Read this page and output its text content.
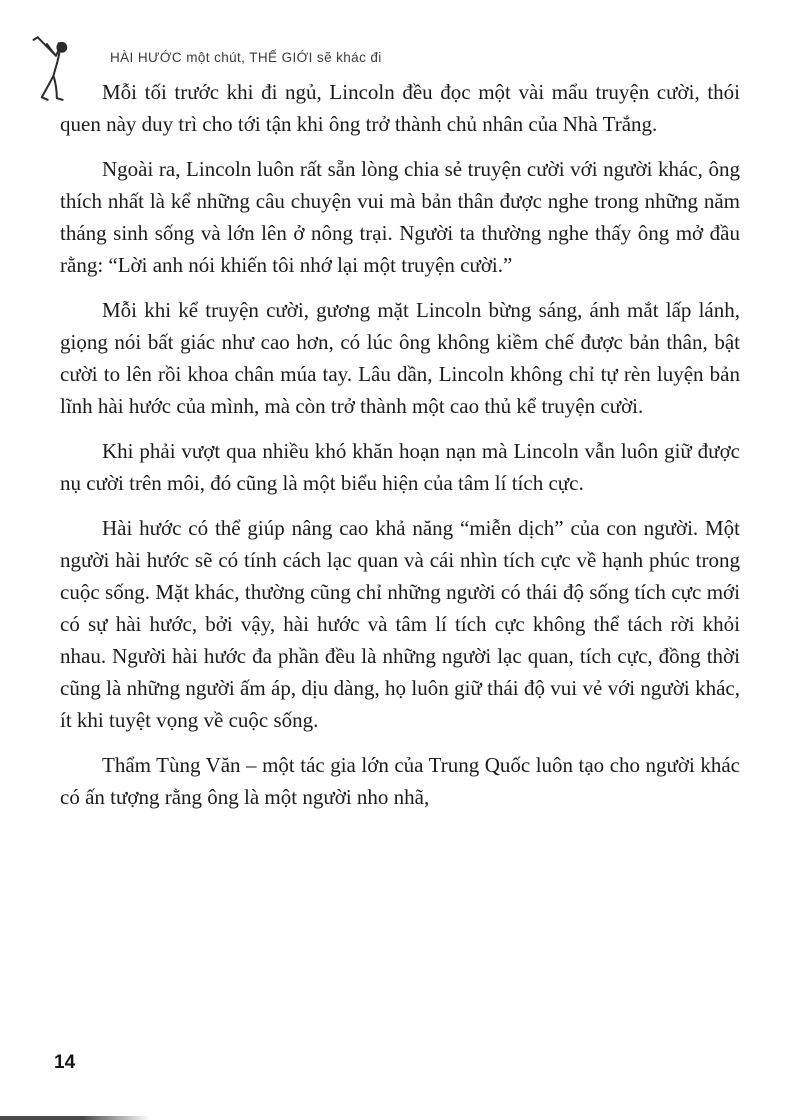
HÀI HƯỚC một chút, THẾ GIỚI sẽ khác đi

Mỗi tối trước khi đi ngủ, Lincoln đều đọc một vài mẩu truyện cười, thói quen này duy trì cho tới tận khi ông trở thành chủ nhân của Nhà Trắng.

Ngoài ra, Lincoln luôn rất sẵn lòng chia sẻ truyện cười với người khác, ông thích nhất là kể những câu chuyện vui mà bản thân được nghe trong những năm tháng sinh sống và lớn lên ở nông trại. Người ta thường nghe thấy ông mở đầu rằng: “Lời anh nói khiến tôi nhớ lại một truyện cười.”

Mỗi khi kể truyện cười, gương mặt Lincoln bừng sáng, ánh mắt lấp lánh, giọng nói bất giác như cao hơn, có lúc ông không kiềm chế được bản thân, bật cười to lên rồi khoa chân múa tay. Lâu dần, Lincoln không chỉ tự rèn luyện bản lĩnh hài hước của mình, mà còn trở thành một cao thủ kể truyện cười.

Khi phải vượt qua nhiều khó khăn hoạn nạn mà Lincoln vẫn luôn giữ được nụ cười trên môi, đó cũng là một biểu hiện của tâm lí tích cực.

Hài hước có thể giúp nâng cao khả năng “miễn dịch” của con người. Một người hài hước sẽ có tính cách lạc quan và cái nhìn tích cực về hạnh phúc trong cuộc sống. Mặt khác, thường cũng chỉ những người có thái độ sống tích cực mới có sự hài hước, bởi vậy, hài hước và tâm lí tích cực không thể tách rời khỏi nhau. Người hài hước đa phần đều là những người lạc quan, tích cực, đồng thời cũng là những người ấm áp, dịu dàng, họ luôn giữ thái độ vui vẻ với người khác, ít khi tuyệt vọng về cuộc sống.

Thẩm Tùng Văn – một tác gia lớn của Trung Quốc luôn tạo cho người khác có ấn tượng rằng ông là một người nho nhã,

14
